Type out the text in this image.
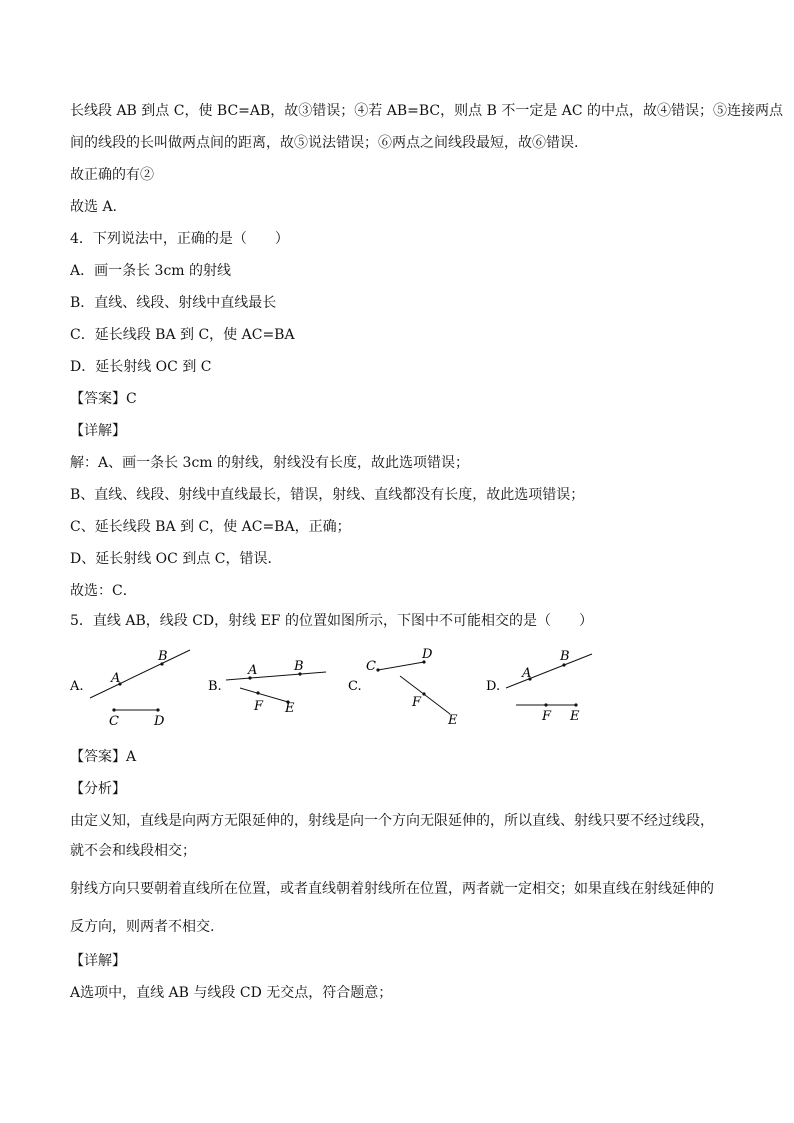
长线段 AB 到点 C，使 BC=AB，故③错误；④若 AB=BC，则点 B 不一定是 AC 的中点，故④错误；⑤连接两点
间的线段的长叫做两点间的距离，故⑤说法错误；⑥两点之间线段最短，故⑥错误.
故正确的有②
故选 A.
4．下列说法中，正确的是（　　）
A．画一条长 3cm 的射线
B．直线、线段、射线中直线最长
C．延长线段 BA 到 C，使 AC=BA
D．延长射线 OC 到 C
【答案】C
【详解】
解：A、画一条长 3cm 的射线，射线没有长度，故此选项错误；
B、直线、线段、射线中直线最长，错误，射线、直线都没有长度，故此选项错误；
C、延长线段 BA 到 C，使 AC=BA，正确；
D、延长射线 OC 到点 C，错误．
故选：C．
5．直线 AB，线段 CD，射线 EF 的位置如图所示，下图中不可能相交的是（　　）
A.
A
B
C	D
B.
A	B
F E
C.
C
D
F
E
D.
A
B
F E
【答案】A
【分析】
由定义知，直线是向两方无限延伸的，射线是向一个方向无限延伸的，所以直线、射线只要不经过线段，
就不会和线段相交；
射线方向只要朝着直线所在位置，或者直线朝着射线所在位置，两者就一定相交；如果直线在射线延伸的
反方向，则两者不相交.
【详解】
A选项中，直线 AB 与线段 CD 无交点，符合题意；
